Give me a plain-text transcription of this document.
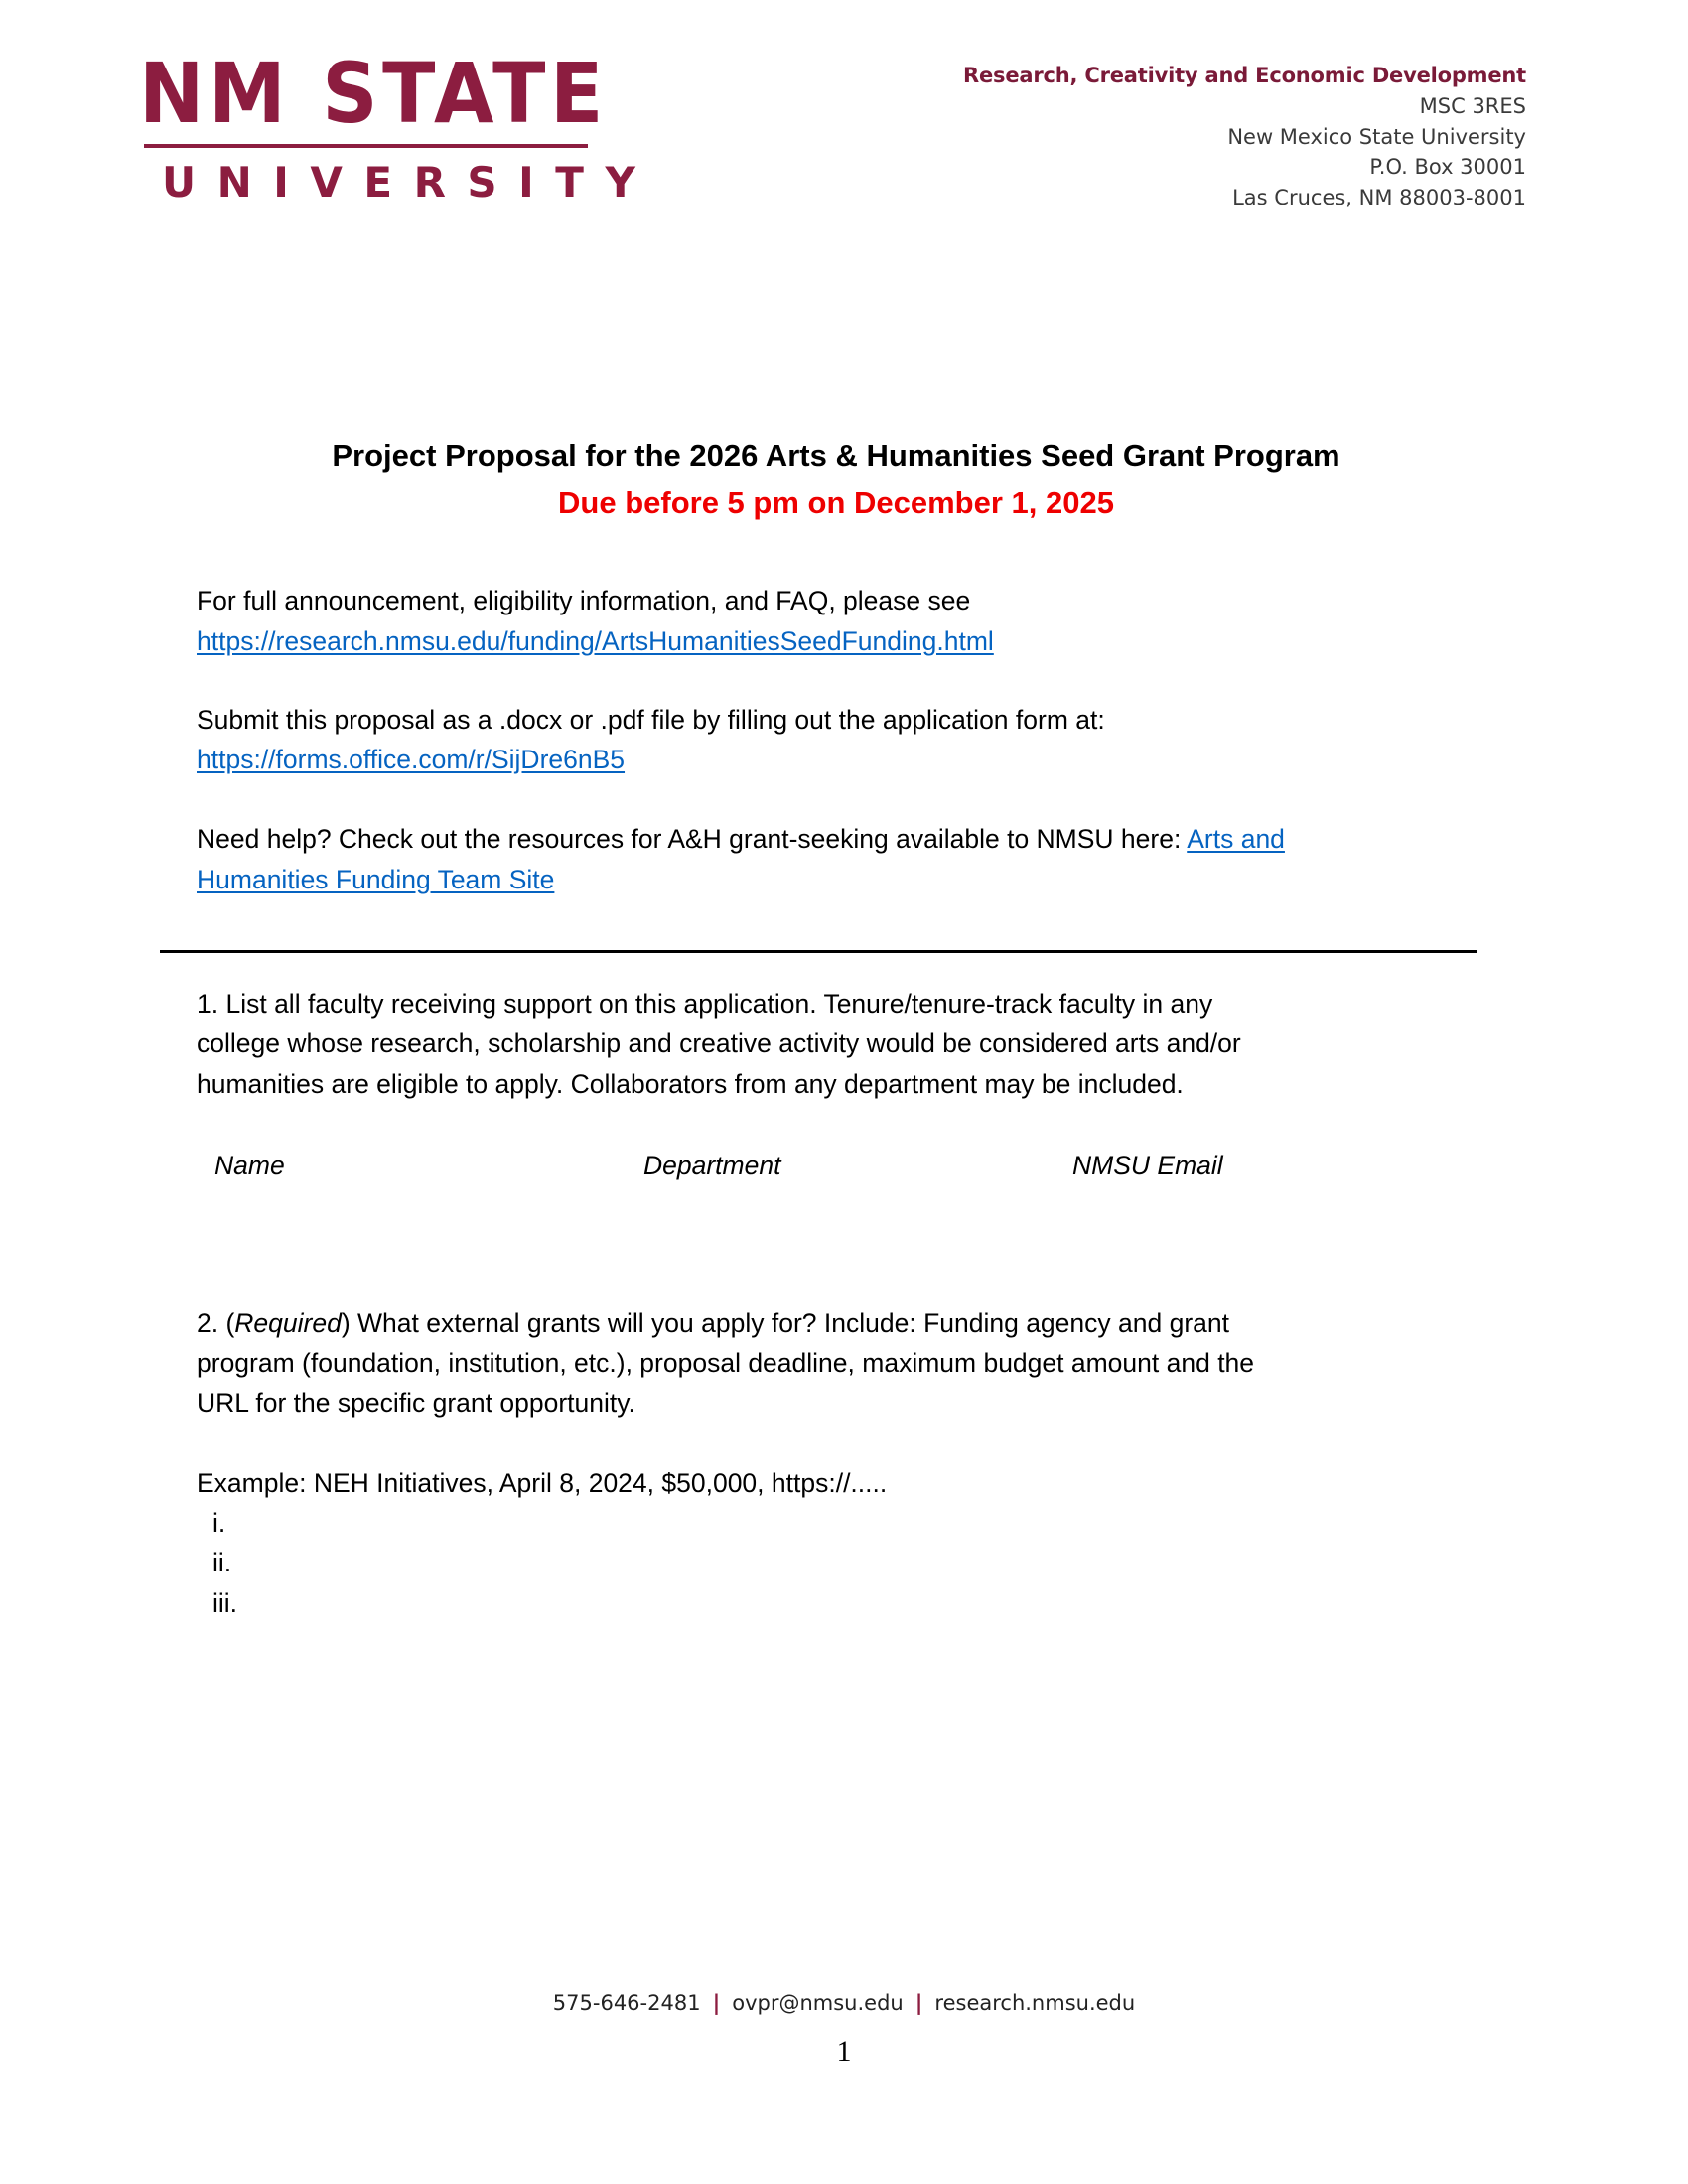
NM STATE
UNIVERSITY
Research, Creativity and Economic Development
MSC 3RES
New Mexico State University
P.O. Box 30001
Las Cruces, NM 88003-8001
Project Proposal for the 2026 Arts & Humanities Seed Grant Program
Due before 5 pm on December 1, 2025
For full announcement, eligibility information, and FAQ, please see
https://research.nmsu.edu/funding/ArtsHumanitiesSeedFunding.html
Submit this proposal as a .docx or .pdf file by filling out the application form at:
https://forms.office.com/r/SijDre6nB5
Need help? Check out the resources for A&H grant-seeking available to NMSU here: Arts and
Humanities Funding Team Site
1. List all faculty receiving support on this application. Tenure/tenure-track faculty in any
college whose research, scholarship and creative activity would be considered arts and/or
humanities are eligible to apply. Collaborators from any department may be included.
Name	Department	NMSU Email
2. (Required) What external grants will you apply for? Include: Funding agency and grant
program (foundation, institution, etc.), proposal deadline, maximum budget amount and the
URL for the specific grant opportunity.
Example: NEH Initiatives, April 8, 2024, $50,000, https://.....
i.
ii.
iii.
575-646-2481 | ovpr@nmsu.edu | research.nmsu.edu
1
